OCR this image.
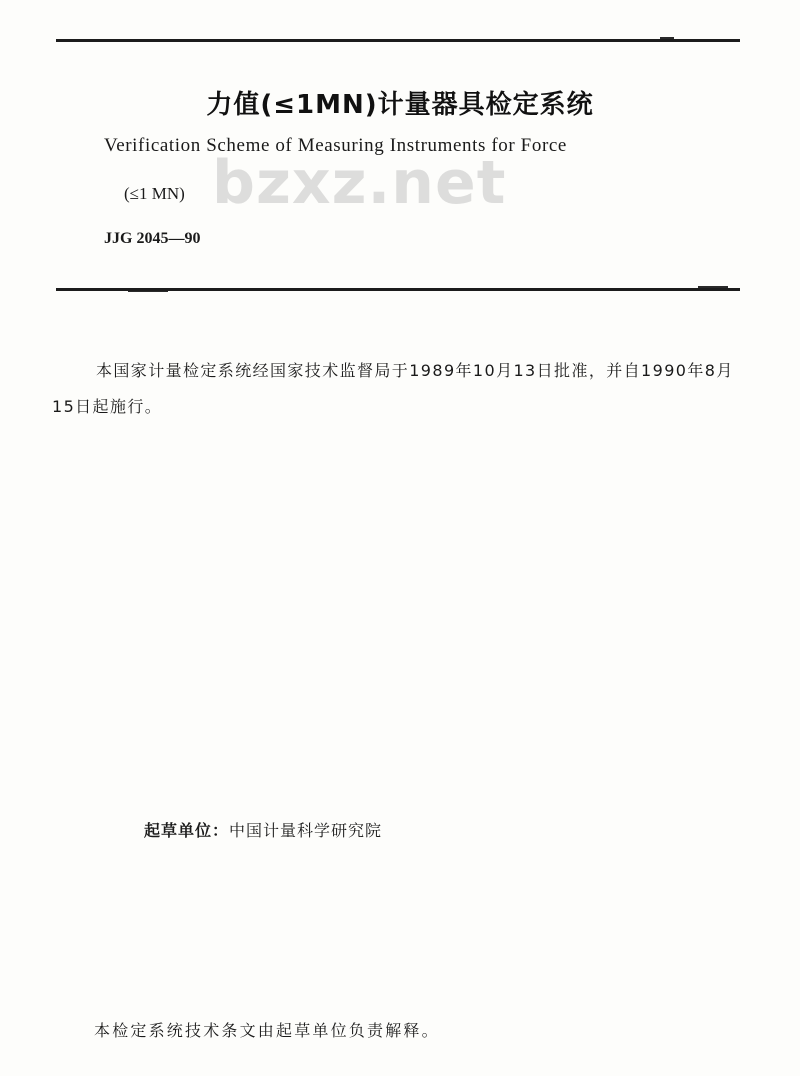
力值(≤1MN)计量器具检定系统
Verification Scheme of Measuring Instruments for Force
bzxz.net
(≤1 MN)
JJG 2045—90
本国家计量检定系统经国家技术监督局于1989年10月13日批准，并自1990年8月15日起施行。
起草单位：中国计量科学研究院
本检定系统技术条文由起草单位负责解释。
